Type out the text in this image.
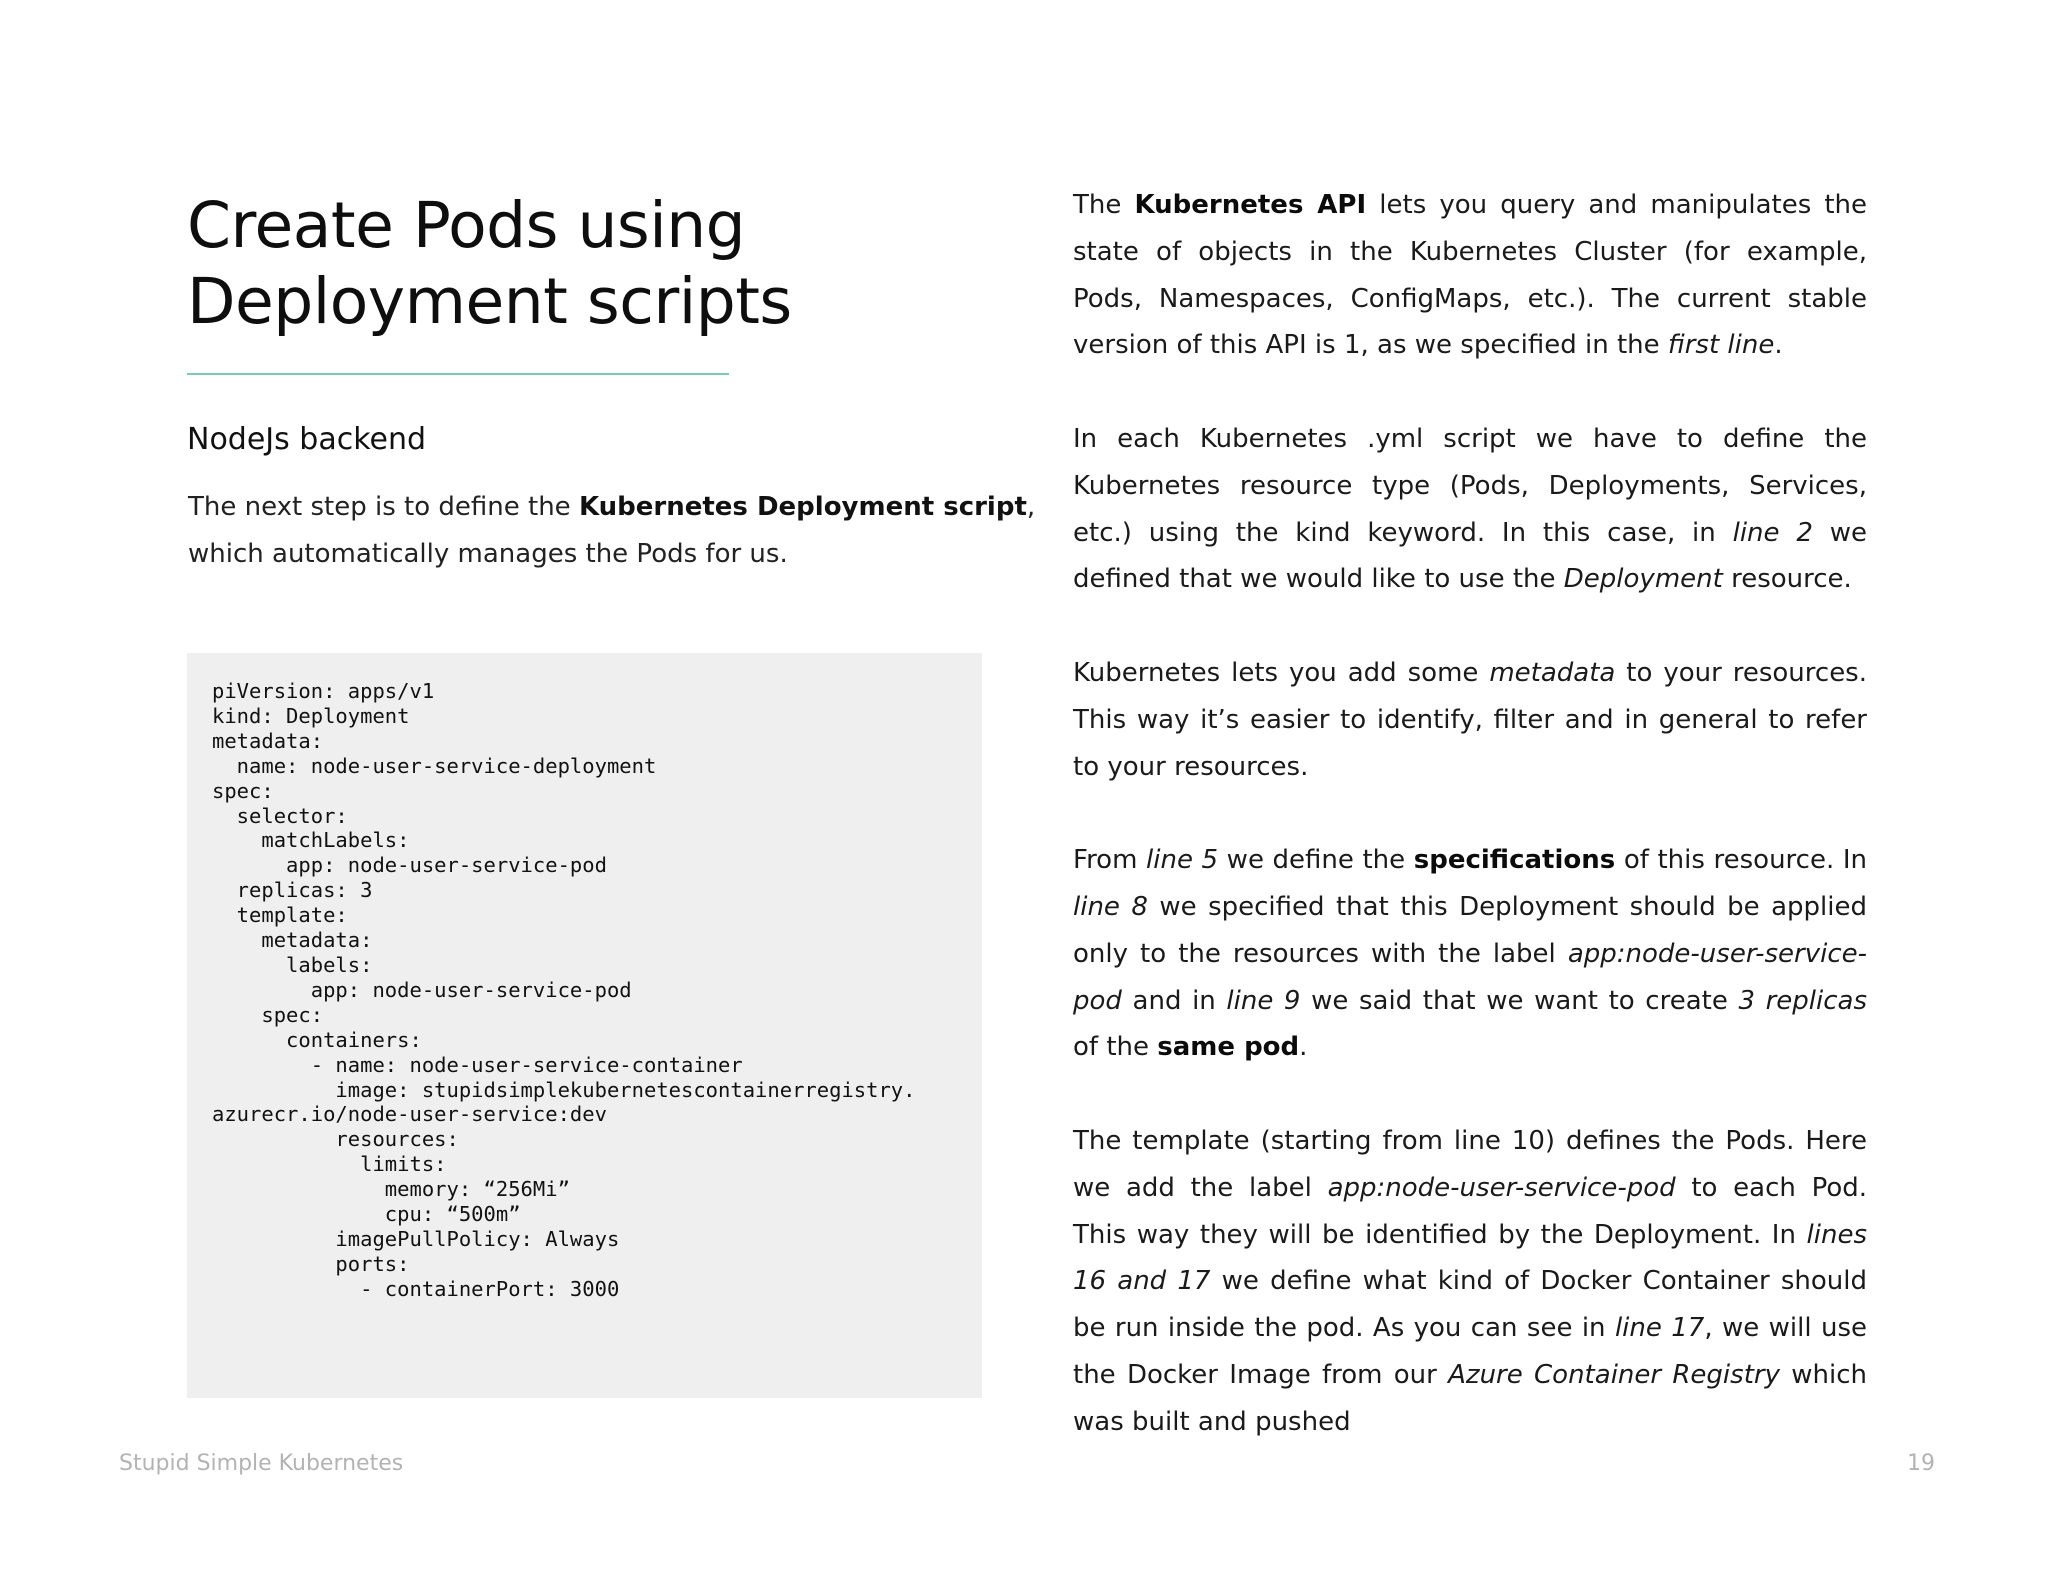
Create Pods using
Deployment scripts
NodeJs backend

The next step is to define the Kubernetes Deployment script,
which automatically manages the Pods for us.

piVersion: apps/v1
kind: Deployment
metadata:
name: node-user-service-deployment
spec:
selector:
matchLabels:
app: node-user-service-pod
replicas: 3
template:
metadata:
labels:
app: node-user-service-pod
spec:
containers:
- name: node-user-service-container
image: stupidsimplekubernetescontainerregistry.
azurecr.io/node-user-service:dev
resources:
limits:
memory: “256Mi”
cpu: “500m”
imagePullPolicy: Always
ports:
- containerPort: 3000

The Kubernetes API lets you query and manipulates the state of objects in the Kubernetes Cluster (for example, Pods, Namespaces, ConfigMaps, etc.). The current stable version of this API is 1, as we specified in the first line.

In each Kubernetes .yml script we have to define the Kubernetes resource type (Pods, Deployments, Services, etc.) using the kind keyword. In this case, in line 2 we defined that we would like to use the Deployment resource.

Kubernetes lets you add some metadata to your resources. This way it’s easier to identify, filter and in general to refer to your resources.

From line 5 we define the specifications of this resource. In line 8 we specified that this Deployment should be applied only to the resources with the label app:node-user-service-pod and in line 9 we said that we want to create 3 replicas of the same pod.

The template (starting from line 10) defines the Pods. Here we add the label app:node-user-service-pod to each Pod. This way they will be identified by the Deployment. In lines 16 and 17 we define what kind of Docker Container should be run inside the pod. As you can see in line 17, we will use the Docker Image from our Azure Container Registry which was built and pushed

Stupid Simple Kubernetes	19
